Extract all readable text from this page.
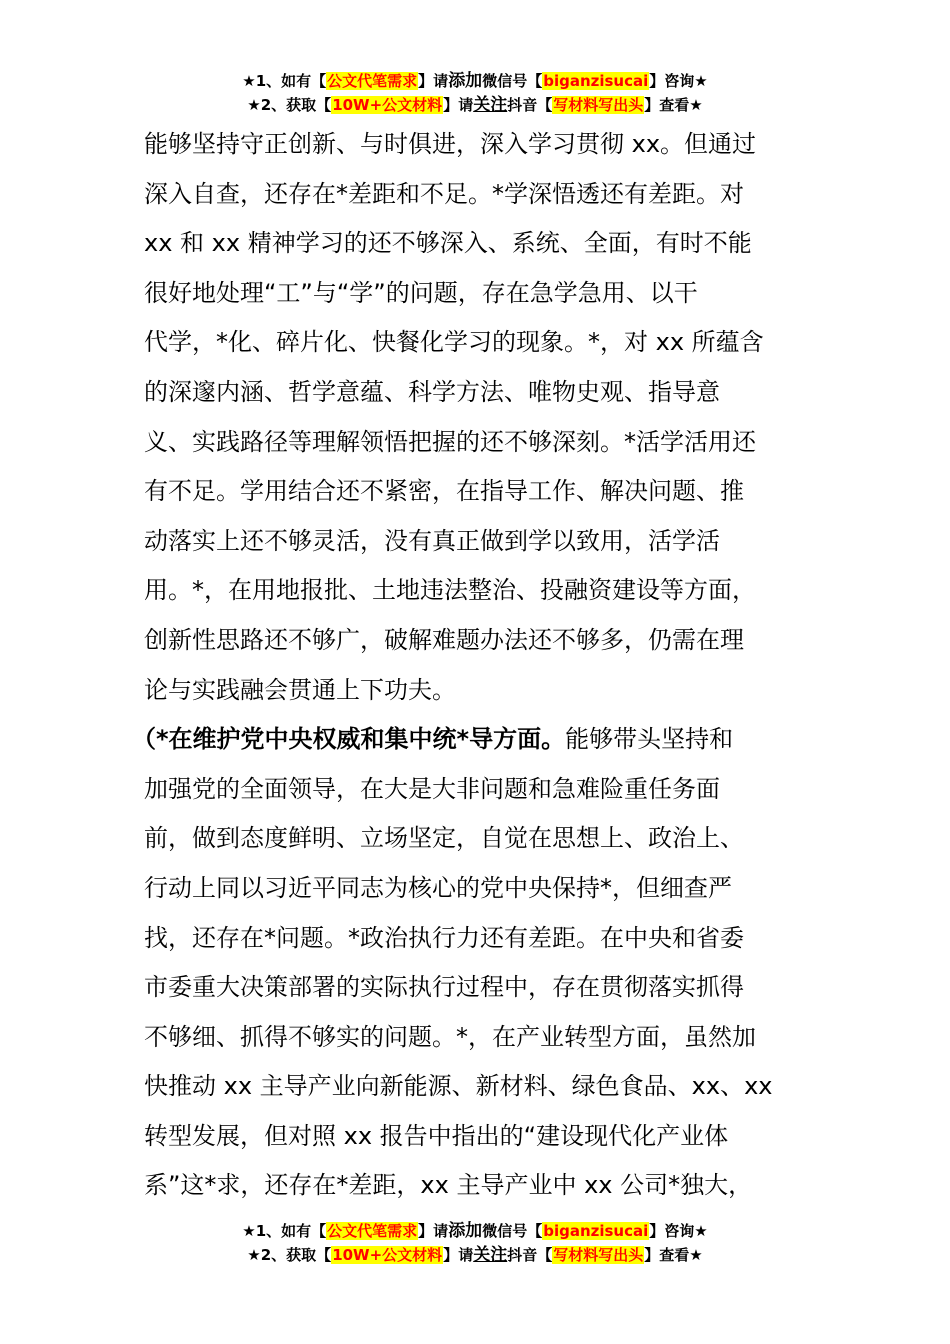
★1、如有【公文代笔需求】请添加微信号【biganzisucai】咨询★
★2、获取【10W+公文材料】请关注抖音【写材料写出头】查看★
能够坚持守正创新、与时俱进，深入学习贯彻 xx。但通过
深入自查，还存在*差距和不足。*学深悟透还有差距。对
xx 和 xx 精神学习的还不够深入、系统、全面，有时不能
很好地处理“工”与“学”的问题，存在急学急用、以干
代学，*化、碎片化、快餐化学习的现象。*，对 xx 所蕴含
的深邃内涵、哲学意蕴、科学方法、唯物史观、指导意
义、实践路径等理解领悟把握的还不够深刻。*活学活用还
有不足。学用结合还不紧密，在指导工作、解决问题、推
动落实上还不够灵活，没有真正做到学以致用，活学活
用。*，在用地报批、土地违法整治、投融资建设等方面，
创新性思路还不够广，破解难题办法还不够多，仍需在理
论与实践融会贯通上下功夫。
（*在维护党中央权威和集中统*导方面。能够带头坚持和
加强党的全面领导，在大是大非问题和急难险重任务面
前，做到态度鲜明、立场坚定，自觉在思想上、政治上、
行动上同以习近平同志为核心的党中央保持*，但细查严
找，还存在*问题。*政治执行力还有差距。在中央和省委
市委重大决策部署的实际执行过程中，存在贯彻落实抓得
不够细、抓得不够实的问题。*，在产业转型方面，虽然加
快推动 xx 主导产业向新能源、新材料、绿色食品、xx、xx
转型发展，但对照 xx 报告中指出的“建设现代化产业体
系”这*求，还存在*差距，xx 主导产业中 xx 公司*独大，
★1、如有【公文代笔需求】请添加微信号【biganzisucai】咨询★
★2、获取【10W+公文材料】请关注抖音【写材料写出头】查看★
